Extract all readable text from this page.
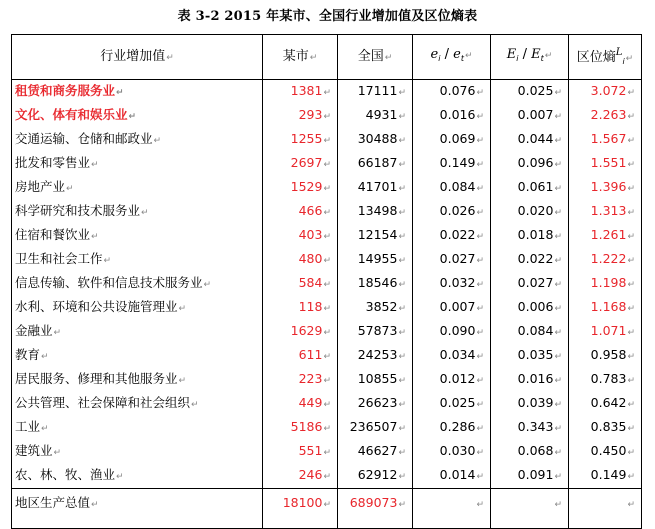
表 3-2 2015 年某市、全国行业增加值及区位熵表
行业增加值↵	某市↵	全国↵	$e_i$ / $e_t↵$	$E_i$ / $E_t↵$	区位熵$^L_i$↵
租赁和商务服务业↵	1381↵	17111↵	0.076↵	0.025↵	3.072↵
文化、体有和娱乐业↵	293↵	4931↵	0.016↵	0.007↵	2.263↵
交通运输、仓储和邮政业↵	1255↵	30488↵	0.069↵	0.044↵	1.567↵
批发和零售业↵	2697↵	66187↵	0.149↵	0.096↵	1.551↵
房地产业↵	1529↵	41701↵	0.084↵	0.061↵	1.396↵
科学研究和技术服务业↵	466↵	13498↵	0.026↵	0.020↵	1.313↵
住宿和餐饮业↵	403↵	12154↵	0.022↵	0.018↵	1.261↵
卫生和社会工作↵	480↵	14955↵	0.027↵	0.022↵	1.222↵
信息传输、软件和信息技术服务业↵	584↵	18546↵	0.032↵	0.027↵	1.198↵
水利、环境和公共设施管理业↵	118↵	3852↵	0.007↵	0.006↵	1.168↵
金融业↵	1629↵	57873↵	0.090↵	0.084↵	1.071↵
教育↵	611↵	24253↵	0.034↵	0.035↵	0.958↵
居民服务、修理和其他服务业↵	223↵	10855↵	0.012↵	0.016↵	0.783↵
公共管理、社会保障和社会组织↵	449↵	26623↵	0.025↵	0.039↵	0.642↵
工业↵	5186↵	236507↵	0.286↵	0.343↵	0.835↵
建筑业↵	551↵	46627↵	0.030↵	0.068↵	0.450↵
农、林、牧、渔业↵	246↵	62912↵	0.014↵	0.091↵	0.149↵
地区生产总值↵	18100↵	689073↵	↵	↵	↵
